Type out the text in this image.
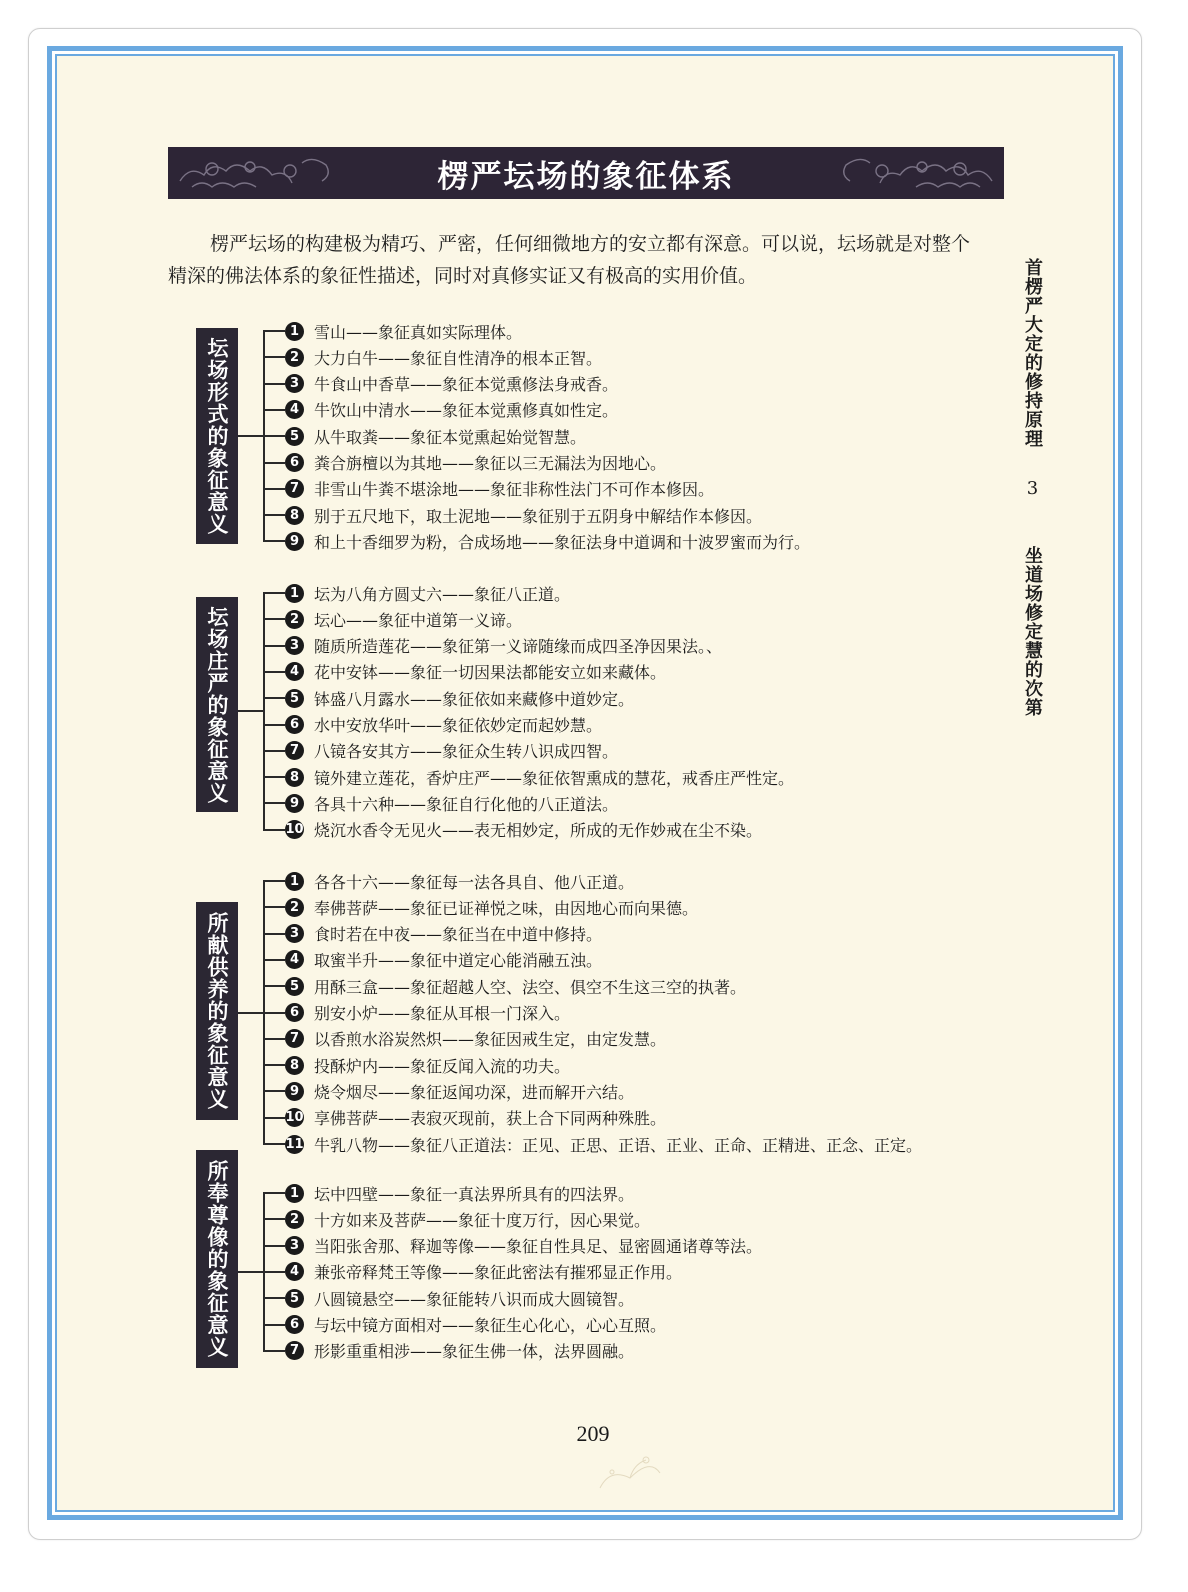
楞严坛场的象征体系

楞严坛场的构建极为精巧、严密，任何细微地方的安立都有深意。可以说，坛场就是对整个精深的佛法体系的象征性描述，同时对真修实证又有极高的实用价值。	首楞严大定的修持原理 3 坐道场修定慧的次第
坛场形式的象征意义
1 雪山——象征真如实际理体。
2 大力白牛——象征自性清净的根本正智。
3 牛食山中香草——象征本觉熏修法身戒香。
4 牛饮山中清水——象征本觉熏修真如性定。
5 从牛取粪——象征本觉熏起始觉智慧。
6 粪合旃檀以为其地——象征以三无漏法为因地心。
7 非雪山牛粪不堪涂地——象征非称性法门不可作本修因。
8 别于五尺地下，取土泥地——象征别于五阴身中解结作本修因。
9 和上十香细罗为粉，合成场地——象征法身中道调和十波罗蜜而为行。
坛场庄严的象征意义
1 坛为八角方圆丈六——象征八正道。
2 坛心——象征中道第一义谛。
3 随质所造莲花——象征第一义谛随缘而成四圣净因果法。、
4 花中安钵——象征一切因果法都能安立如来藏体。
5 钵盛八月露水——象征依如来藏修中道妙定。
6 水中安放华叶——象征依妙定而起妙慧。
7 八镜各安其方——象征众生转八识成四智。
8 镜外建立莲花，香炉庄严——象征依智熏成的慧花，戒香庄严性定。
9 各具十六种——象征自行化他的八正道法。
10 烧沉水香令无见火——表无相妙定，所成的无作妙戒在尘不染。
所献供养的象征意义
1 各各十六——象征每一法各具自、他八正道。
2 奉佛菩萨——象征已证禅悦之味，由因地心而向果德。
3 食时若在中夜——象征当在中道中修持。
4 取蜜半升——象征中道定心能消融五浊。
5 用酥三盒——象征超越人空、法空、俱空不生这三空的执著。
6 别安小炉——象征从耳根一门深入。
7 以香煎水浴炭然炽——象征因戒生定，由定发慧。
8 投酥炉内——象征反闻入流的功夫。
9 烧令烟尽——象征返闻功深，进而解开六结。
10 享佛菩萨——表寂灭现前，获上合下同两种殊胜。
11 牛乳八物——象征八正道法：正见、正思、正语、正业、正命、正精进、正念、正定。
所奉尊像的象征意义	1 坛中四壁——象征一真法界所具有的四法界。
2 十方如来及菩萨——象征十度万行，因心果觉。
3 当阳张舍那、释迦等像——象征自性具足、显密圆通诸尊等法。
4 兼张帝释梵王等像——象征此密法有摧邪显正作用。
5 八圆镜悬空——象征能转八识而成大圆镜智。
6 与坛中镜方面相对——象征生心化心，心心互照。
7 形影重重相涉——象征生佛一体，法界圆融。
209
